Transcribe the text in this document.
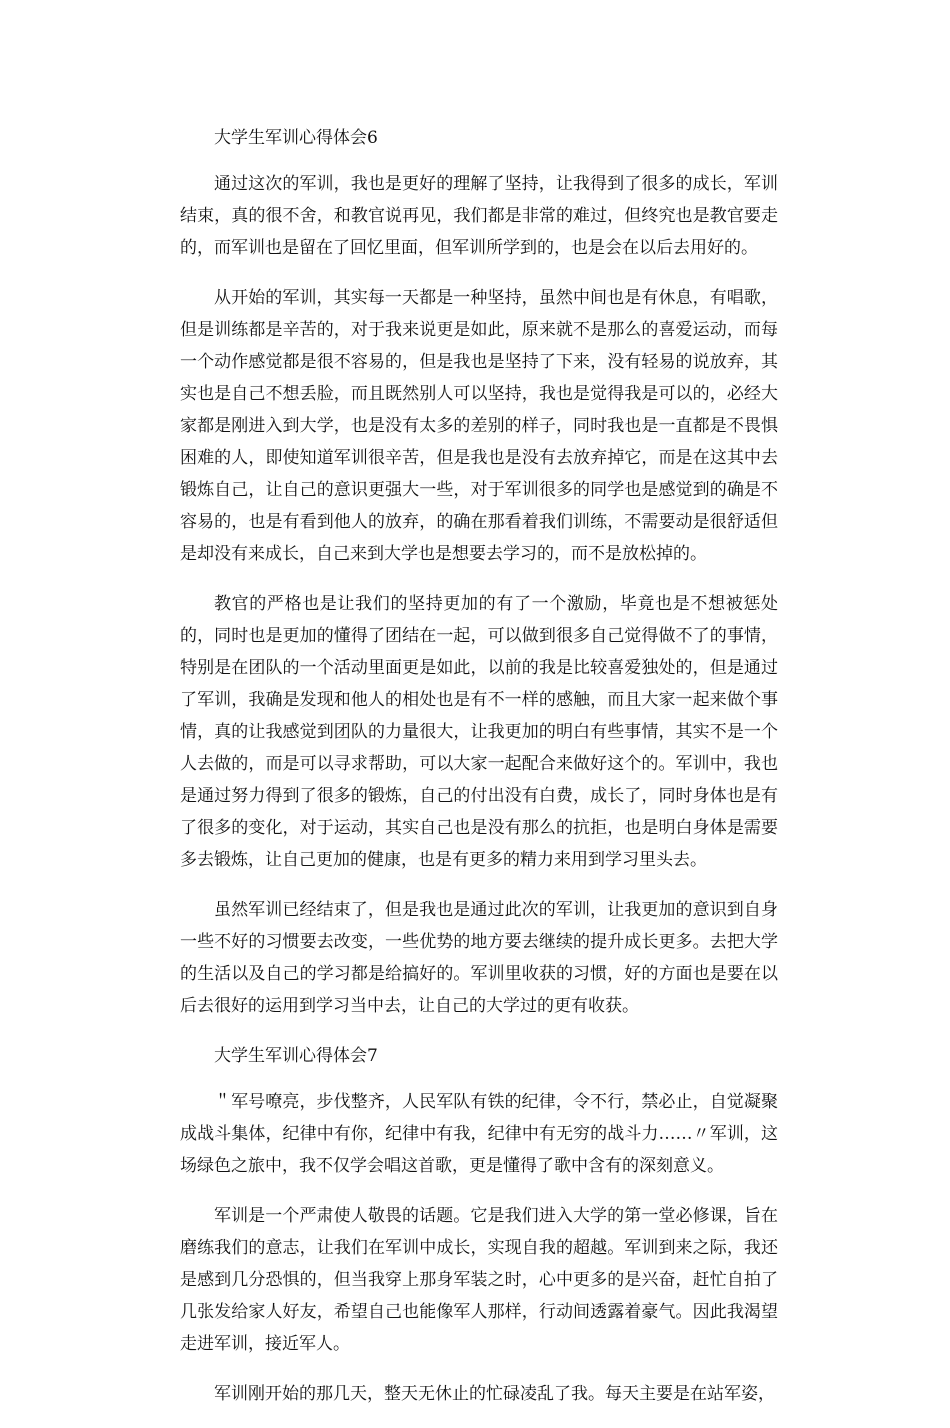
大学生军训心得体会6

通过这次的军训，我也是更好的理解了坚持，让我得到了很多的成长，军训结束，真的很不舍，和教官说再见，我们都是非常的难过，但终究也是教官要走的，而军训也是留在了回忆里面，但军训所学到的，也是会在以后去用好的。

从开始的军训，其实每一天都是一种坚持，虽然中间也是有休息，有唱歌，但是训练都是辛苦的，对于我来说更是如此，原来就不是那么的喜爱运动，而每一个动作感觉都是很不容易的，但是我也是坚持了下来，没有轻易的说放弃，其实也是自己不想丢脸，而且既然别人可以坚持，我也是觉得我是可以的，必经大家都是刚进入到大学，也是没有太多的差别的样子，同时我也是一直都是不畏惧困难的人，即使知道军训很辛苦，但是我也是没有去放弃掉它，而是在这其中去锻炼自己，让自己的意识更强大一些，对于军训很多的同学也是感觉到的确是不容易的，也是有看到他人的放弃，的确在那看着我们训练，不需要动是很舒适但是却没有来成长，自己来到大学也是想要去学习的，而不是放松掉的。

教官的严格也是让我们的坚持更加的有了一个激励，毕竟也是不想被惩处的，同时也是更加的懂得了团结在一起，可以做到很多自己觉得做不了的事情，特别是在团队的一个活动里面更是如此，以前的我是比较喜爱独处的，但是通过了军训，我确是发现和他人的相处也是有不一样的感触，而且大家一起来做个事情，真的让我感觉到团队的力量很大，让我更加的明白有些事情，其实不是一个人去做的，而是可以寻求帮助，可以大家一起配合来做好这个的。军训中，我也是通过努力得到了很多的锻炼，自己的付出没有白费，成长了，同时身体也是有了很多的变化，对于运动，其实自己也是没有那么的抗拒，也是明白身体是需要多去锻炼，让自己更加的健康，也是有更多的精力来用到学习里头去。

虽然军训已经结束了，但是我也是通过此次的军训，让我更加的意识到自身一些不好的习惯要去改变，一些优势的地方要去继续的提升成长更多。去把大学的生活以及自己的学习都是给搞好的。军训里收获的习惯，好的方面也是要在以后去很好的运用到学习当中去，让自己的大学过的更有收获。

大学生军训心得体会7

＂军号嘹亮，步伐整齐，人民军队有铁的纪律，令不行，禁必止，自觉凝聚成战斗集体，纪律中有你，纪律中有我，纪律中有无穷的战斗力……〃军训，这场绿色之旅中，我不仅学会唱这首歌，更是懂得了歌中含有的深刻意义。

军训是一个严肃使人敬畏的话题。它是我们进入大学的第一堂必修课，旨在磨练我们的意志，让我们在军训中成长，实现自我的超越。军训到来之际，我还是感到几分恐惧的，但当我穿上那身军装之时，心中更多的是兴奋，赶忙自拍了几张发给家人好友，希望自己也能像军人那样，行动间透露着豪气。因此我渴望走进军训，接近军人。

军训刚开始的那几天，整天无休止的忙碌凌乱了我。每天主要是在站军姿，
